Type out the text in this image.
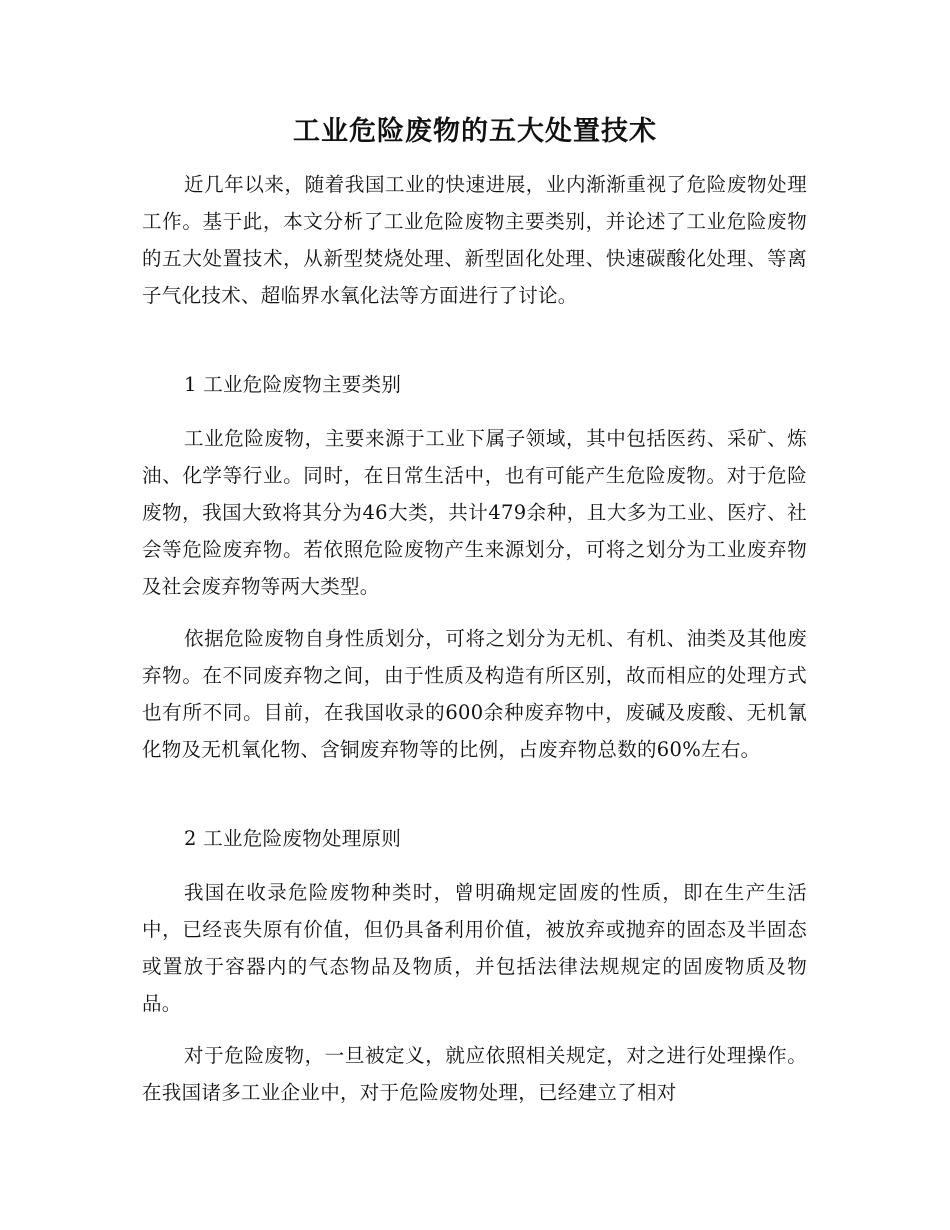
工业危险废物的五大处置技术

近几年以来，随着我国工业的快速进展，业内渐渐重视了危险废物处理工作。基于此，本文分析了工业危险废物主要类别，并论述了工业危险废物的五大处置技术，从新型焚烧处理、新型固化处理、快速碳酸化处理、等离子气化技术、超临界水氧化法等方面进行了讨论。

1 工业危险废物主要类别

工业危险废物，主要来源于工业下属子领域，其中包括医药、采矿、炼油、化学等行业。同时，在日常生活中，也有可能产生危险废物。对于危险废物，我国大致将其分为46大类，共计479余种，且大多为工业、医疗、社会等危险废弃物。若依照危险废物产生来源划分，可将之划分为工业废弃物及社会废弃物等两大类型。

依据危险废物自身性质划分，可将之划分为无机、有机、油类及其他废弃物。在不同废弃物之间，由于性质及构造有所区别，故而相应的处理方式也有所不同。目前，在我国收录的600余种废弃物中，废碱及废酸、无机氰化物及无机氧化物、含铜废弃物等的比例，占废弃物总数的60%左右。

2 工业危险废物处理原则

我国在收录危险废物种类时，曾明确规定固废的性质，即在生产生活中，已经丧失原有价值，但仍具备利用价值，被放弃或抛弃的固态及半固态或置放于容器内的气态物品及物质，并包括法律法规规定的固废物质及物品。

对于危险废物，一旦被定义，就应依照相关规定，对之进行处理操作。在我国诸多工业企业中，对于危险废物处理，已经建立了相对
